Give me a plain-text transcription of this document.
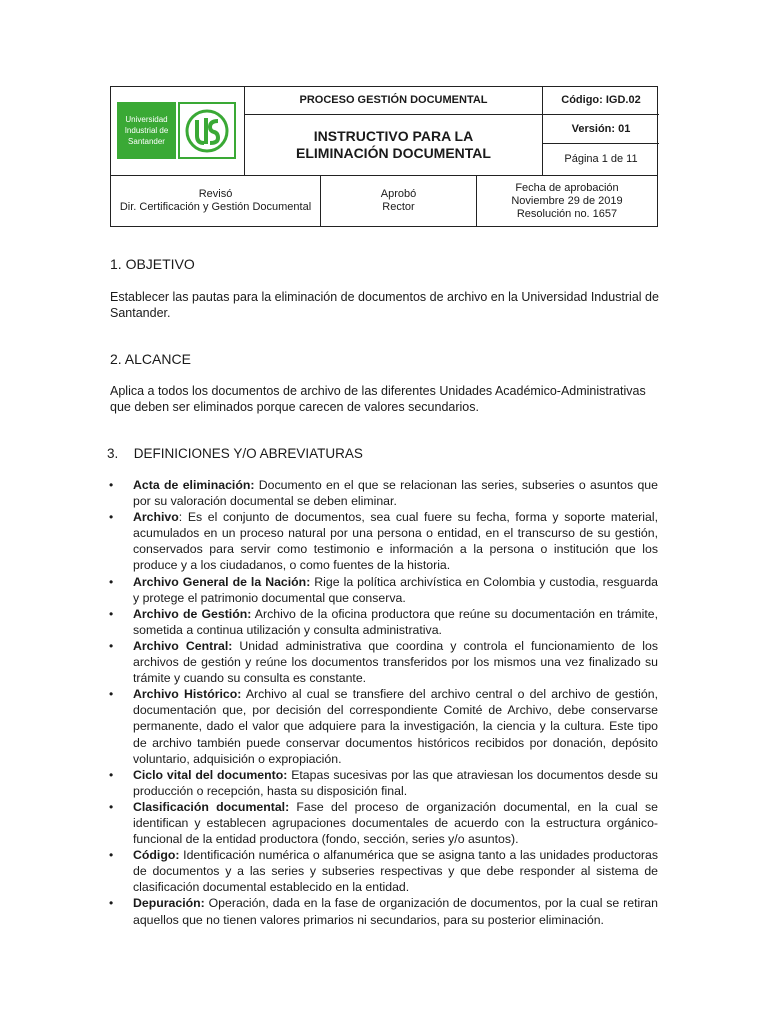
Universidad Industrial de Santander
PROCESO GESTIÓN DOCUMENTAL	Código: IGD.02
INSTRUCTIVO PARA LA ELIMINACIÓN DOCUMENTAL
Versión: 01
Página 1 de 11
Revisó
Dir. Certificación y Gestión Documental
Aprobó
Rector
Fecha de aprobación
Noviembre 29 de 2019
Resolución no. 1657
1. OBJETIVO
Establecer las pautas para la eliminación de documentos de archivo en la Universidad Industrial de Santander.
2. ALCANCE
Aplica a todos los documentos de archivo de las diferentes Unidades Académico-Administrativas que deben ser eliminados porque carecen de valores secundarios.
3. DEFINICIONES Y/O ABREVIATURAS
• Acta de eliminación: Documento en el que se relacionan las series, subseries o asuntos que por su valoración documental se deben eliminar.
• Archivo: Es el conjunto de documentos, sea cual fuere su fecha, forma y soporte material, acumulados en un proceso natural por una persona o entidad, en el transcurso de su gestión, conservados para servir como testimonio e información a la persona o institución que los produce y a los ciudadanos, o como fuentes de la historia.
• Archivo General de la Nación: Rige la política archivística en Colombia y custodia, resguarda y protege el patrimonio documental que conserva.
• Archivo de Gestión: Archivo de la oficina productora que reúne su documentación en trámite, sometida a continua utilización y consulta administrativa.
• Archivo Central: Unidad administrativa que coordina y controla el funcionamiento de los archivos de gestión y reúne los documentos transferidos por los mismos una vez finalizado su trámite y cuando su consulta es constante.
• Archivo Histórico: Archivo al cual se transfiere del archivo central o del archivo de gestión, documentación que, por decisión del correspondiente Comité de Archivo, debe conservarse permanente, dado el valor que adquiere para la investigación, la ciencia y la cultura. Este tipo de archivo también puede conservar documentos históricos recibidos por donación, depósito voluntario, adquisición o expropiación.
• Ciclo vital del documento: Etapas sucesivas por las que atraviesan los documentos desde su producción o recepción, hasta su disposición final.
• Clasificación documental: Fase del proceso de organización documental, en la cual se identifican y establecen agrupaciones documentales de acuerdo con la estructura orgánico-funcional de la entidad productora (fondo, sección, series y/o asuntos).
• Código: Identificación numérica o alfanumérica que se asigna tanto a las unidades productoras de documentos y a las series y subseries respectivas y que debe responder al sistema de clasificación documental establecido en la entidad.
• Depuración: Operación, dada en la fase de organización de documentos, por la cual se retiran aquellos que no tienen valores primarios ni secundarios, para su posterior eliminación.
